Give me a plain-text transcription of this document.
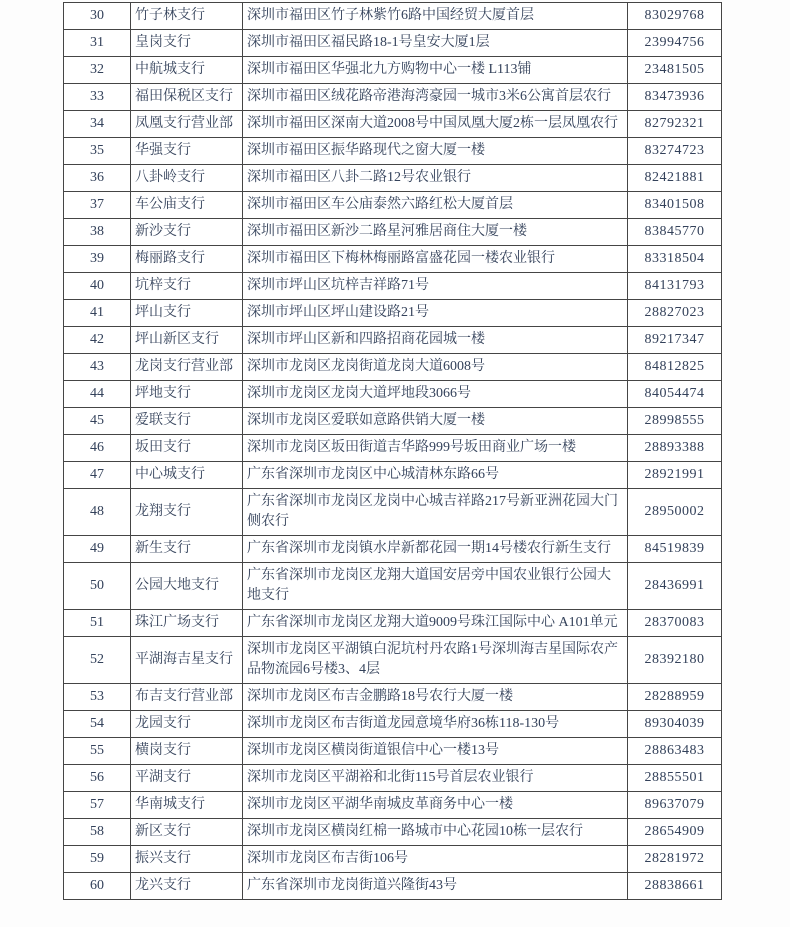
30	竹子林支行	深圳市福田区竹子林紫竹6路中国经贸大厦首层	83029768
31	皇岗支行	深圳市福田区福民路18-1号皇安大厦1层	23994756
32	中航城支行	深圳市福田区华强北九方购物中心一楼 L113铺	23481505
33	福田保税区支行	深圳市福田区绒花路帝港海湾豪园一城市3米6公寓首层农行	83473936
34	凤凰支行营业部	深圳市福田区深南大道2008号中国凤凰大厦2栋一层凤凰农行	82792321
35	华强支行	深圳市福田区振华路现代之窗大厦一楼	83274723
36	八卦岭支行	深圳市福田区八卦二路12号农业银行	82421881
37	车公庙支行	深圳市福田区车公庙泰然六路红松大厦首层	83401508
38	新沙支行	深圳市福田区新沙二路星河雅居商住大厦一楼	83845770
39	梅丽路支行	深圳市福田区下梅林梅丽路富盛花园一楼农业银行	83318504
40	坑梓支行	深圳市坪山区坑梓吉祥路71号	84131793
41	坪山支行	深圳市坪山区坪山建设路21号	28827023
42	坪山新区支行	深圳市坪山区新和四路招商花园城一楼	89217347
43	龙岗支行营业部	深圳市龙岗区龙岗街道龙岗大道6008号	84812825
44	坪地支行	深圳市龙岗区龙岗大道坪地段3066号	84054474
45	爱联支行	深圳市龙岗区爱联如意路供销大厦一楼	28998555
46	坂田支行	深圳市龙岗区坂田街道吉华路999号坂田商业广场一楼	28893388
47	中心城支行	广东省深圳市龙岗区中心城清林东路66号	28921991
48	龙翔支行	广东省深圳市龙岗区龙岗中心城吉祥路217号新亚洲花园大门侧农行	28950002
49	新生支行	广东省深圳市龙岗镇水岸新都花园一期14号楼农行新生支行	84519839
50	公园大地支行	广东省深圳市龙岗区龙翔大道国安居旁中国农业银行公园大地支行	28436991
51	珠江广场支行	广东省深圳市龙岗区龙翔大道9009号珠江国际中心 A101单元	28370083
52	平湖海吉星支行	深圳市龙岗区平湖镇白泥坑村丹农路1号深圳海吉星国际农产品物流园6号楼3、4层	28392180
53	布吉支行营业部	深圳市龙岗区布吉金鹏路18号农行大厦一楼	28288959
54	龙园支行	深圳市龙岗区布吉街道龙园意境华府36栋118-130号	89304039
55	横岗支行	深圳市龙岗区横岗街道银信中心一楼13号	28863483
56	平湖支行	深圳市龙岗区平湖裕和北街115号首层农业银行	28855501
57	华南城支行	深圳市龙岗区平湖华南城皮革商务中心一楼	89637079
58	新区支行	深圳市龙岗区横岗红棉一路城市中心花园10栋一层农行	28654909
59	振兴支行	深圳市龙岗区布吉街106号	28281972
60	龙兴支行	广东省深圳市龙岗街道兴隆街43号	28838661
